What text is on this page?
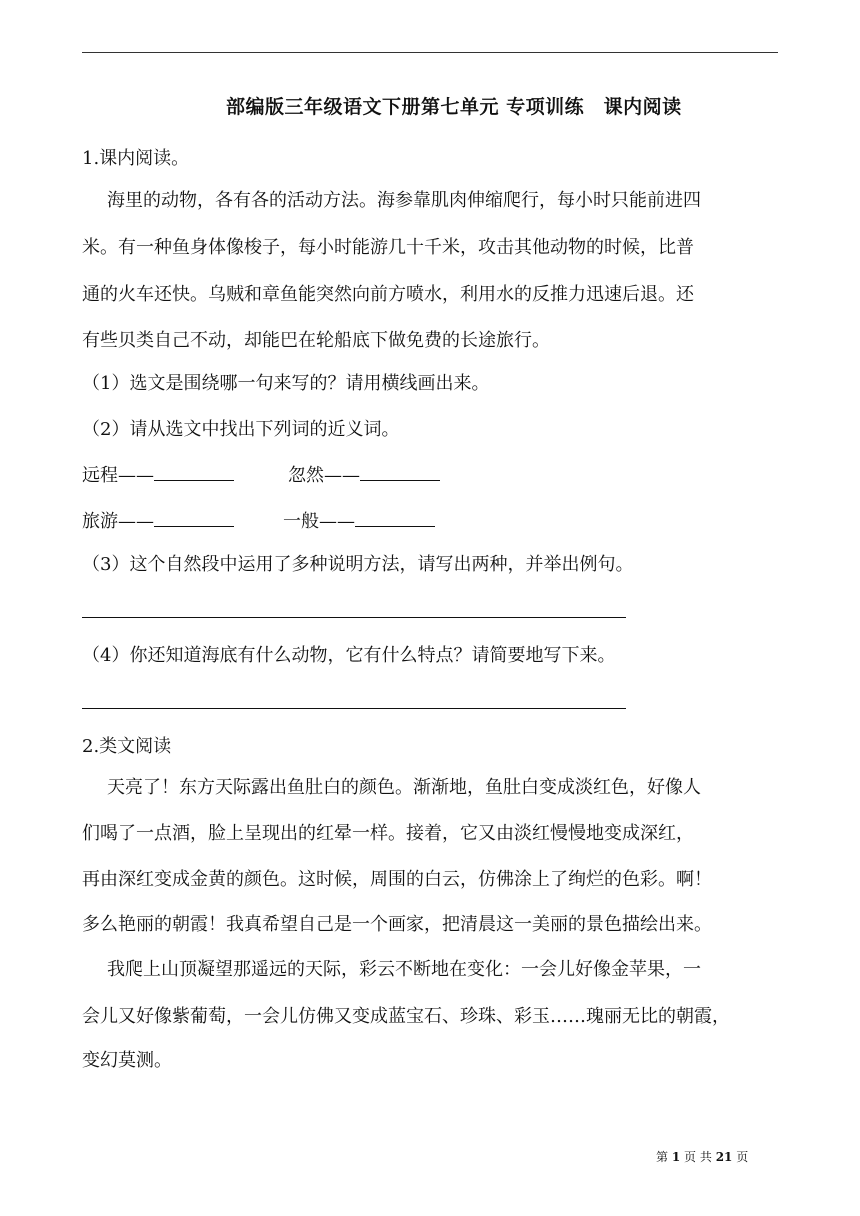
部编版三年级语文下册第七单元 专项训练　课内阅读
1.课内阅读。
海里的动物，各有各的活动方法。海参靠肌肉伸缩爬行，每小时只能前进四
米。有一种鱼身体像梭子，每小时能游几十千米，攻击其他动物的时候，比普
通的火车还快。乌贼和章鱼能突然向前方喷水，利用水的反推力迅速后退。还
有些贝类自己不动，却能巴在轮船底下做免费的长途旅行。
（1）选文是围绕哪一句来写的？请用横线画出来。
（2）请从选文中找出下列词的近义词。
远程——	忽然——
旅游——	一般——
（3）这个自然段中运用了多种说明方法，请写出两种，并举出例句。
（4）你还知道海底有什么动物，它有什么特点？请简要地写下来。
2.类文阅读
天亮了！东方天际露出鱼肚白的颜色。渐渐地，鱼肚白变成淡红色，好像人
们喝了一点酒，脸上呈现出的红晕一样。接着，它又由淡红慢慢地变成深红，
再由深红变成金黄的颜色。这时候，周围的白云，仿佛涂上了绚烂的色彩。啊！
多么艳丽的朝霞！我真希望自己是一个画家，把清晨这一美丽的景色描绘出来。
我爬上山顶凝望那遥远的天际，彩云不断地在变化：一会儿好像金苹果，一
会儿又好像紫葡萄，一会儿仿佛又变成蓝宝石、珍珠、彩玉……瑰丽无比的朝霞，
变幻莫测。
第 1 页 共 21 页
